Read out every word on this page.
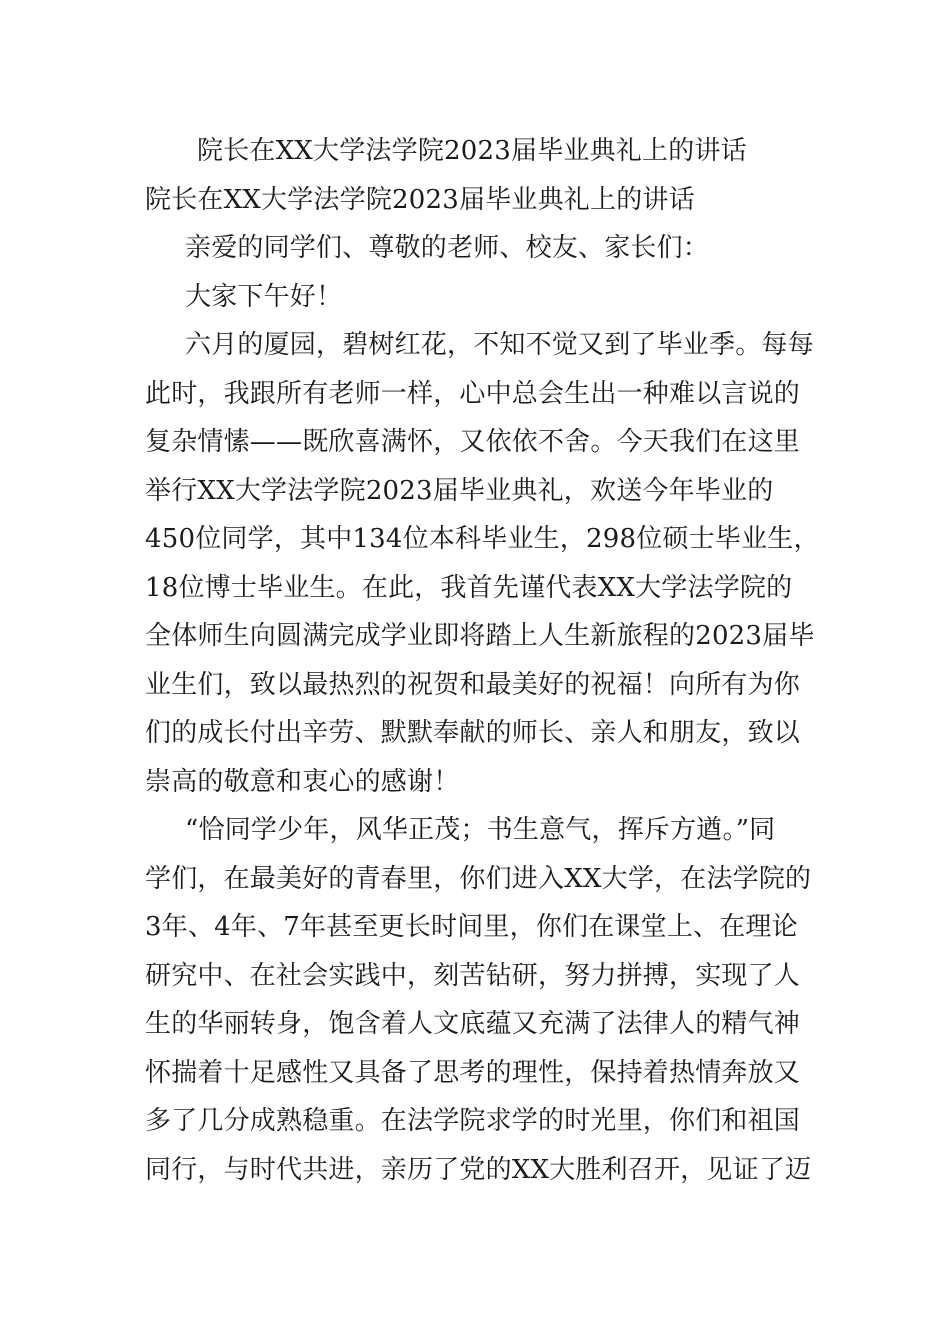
院长在XX大学法学院2023届毕业典礼上的讲话

院长在XX大学法学院2023届毕业典礼上的讲话

亲爱的同学们、尊敬的老师、校友、家长们：

大家下午好！

六月的厦园，碧树红花，不知不觉又到了毕业季。每每
此时，我跟所有老师一样，心中总会生出一种难以言说的
复杂情愫——既欣喜满怀，又依依不舍。今天我们在这里
举行XX大学法学院2023届毕业典礼，欢送今年毕业的
450位同学，其中134位本科毕业生，298位硕士毕业生，
18位博士毕业生。在此，我首先谨代表XX大学法学院的
全体师生向圆满完成学业即将踏上人生新旅程的2023届毕
业生们，致以最热烈的祝贺和最美好的祝福！向所有为你
们的成长付出辛劳、默默奉献的师长、亲人和朋友，致以
崇高的敬意和衷心的感谢！

“恰同学少年，风华正茂；书生意气，挥斥方遒。”同
学们，在最美好的青春里，你们进入XX大学，在法学院的
3年、4年、7年甚至更长时间里，你们在课堂上、在理论
研究中、在社会实践中，刻苦钻研，努力拼搏，实现了人
生的华丽转身，饱含着人文底蕴又充满了法律人的精气神
怀揣着十足感性又具备了思考的理性，保持着热情奔放又
多了几分成熟稳重。在法学院求学的时光里，你们和祖国
同行，与时代共进，亲历了党的XX大胜利召开，见证了迈
